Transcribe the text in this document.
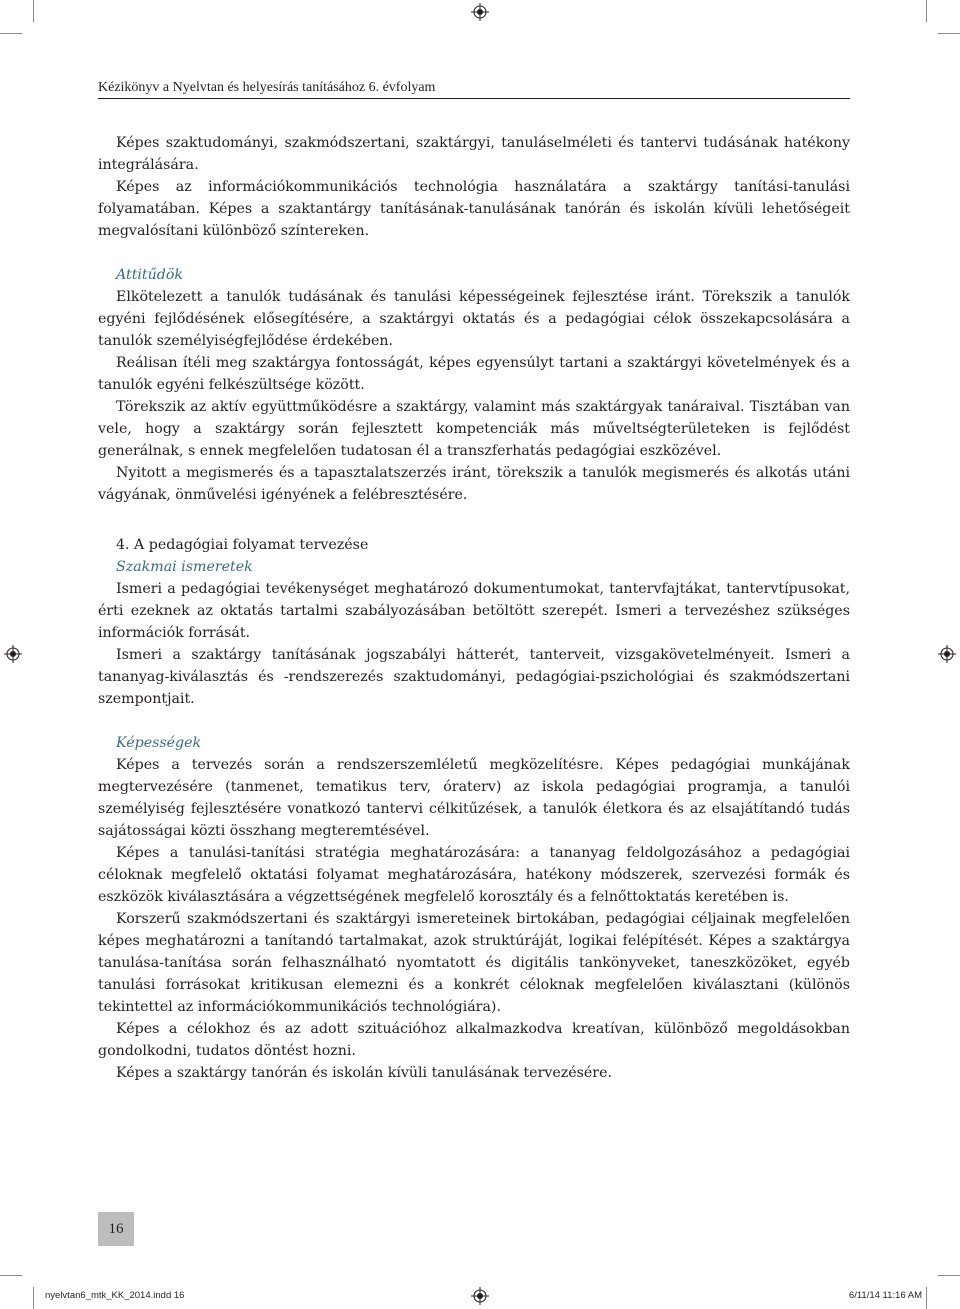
Kézikönyv a Nyelvtan és helyesírás tanításához 6. évfolyam

Képes szaktudományi, szakmódszertani, szaktárgyi, tanuláselméleti és tantervi tudásának hatékony integrálására.

Képes az információkommunikációs technológia használatára a szaktárgy tanítási-tanulási folyamatában. Képes a szaktantárgy tanításának-tanulásának tanórán és iskolán kívüli lehetőségeit megvalósítani különböző színtereken.

Attitűdök

Elkötelezett a tanulók tudásának és tanulási képességeinek fejlesztése iránt. Törekszik a tanulók egyéni fejlődésének elősegítésére, a szaktárgyi oktatás és a pedagógiai célok összekapcsolására a tanulók személyiségfejlődése érdekében.

Reálisan ítéli meg szaktárgya fontosságát, képes egyensúlyt tartani a szaktárgyi követelmények és a tanulók egyéni felkészültsége között.

Törekszik az aktív együttműködésre a szaktárgy, valamint más szaktárgyak tanáraival. Tisztában van vele, hogy a szaktárgy során fejlesztett kompetenciák más műveltségterületeken is fejlődést generálnak, s ennek megfelelően tudatosan él a transzferhatás pedagógiai eszközével.

Nyitott a megismerés és a tapasztalatszerzés iránt, törekszik a tanulók megismerés és alkotás utáni vágyának, önművelési igényének a felébresztésére.

4. A pedagógiai folyamat tervezése

Szakmai ismeretek

Ismeri a pedagógiai tevékenységet meghatározó dokumentumokat, tantervfajtákat, tantervtípusokat, érti ezeknek az oktatás tartalmi szabályozásában betöltött szerepét. Ismeri a tervezéshez szükséges információk forrását.

Ismeri a szaktárgy tanításának jogszabályi hátterét, tanterveit, vizsgakövetelményeit. Ismeri a tananyag-kiválasztás és -rendszerezés szaktudományi, pedagógiai-pszichológiai és szakmódszertani szempontjait.

Képességek

Képes a tervezés során a rendszerszemléletű megközelítésre. Képes pedagógiai munkájának megtervezésére (tanmenet, tematikus terv, óraterv) az iskola pedagógiai programja, a tanulói személyiség fejlesztésére vonatkozó tantervi célkitűzések, a tanulók életkora és az elsajátítandó tudás sajátosságai közti összhang megteremtésével.

Képes a tanulási-tanítási stratégia meghatározására: a tananyag feldolgozásához a pedagógiai céloknak megfelelő oktatási folyamat meghatározására, hatékony módszerek, szervezési formák és eszközök kiválasztására a végzettségének megfelelő korosztály és a felnőttoktatás keretében is.

Korszerű szakmódszertani és szaktárgyi ismereteinek birtokában, pedagógiai céljainak megfelelően képes meghatározni a tanítandó tartalmakat, azok struktúráját, logikai felépítését. Képes a szaktárgya tanulása-tanítása során felhasználható nyomtatott és digitális tankönyveket, taneszközöket, egyéb tanulási forrásokat kritikusan elemezni és a konkrét céloknak megfelelően kiválasztani (különös tekintettel az információkommunikációs technológiára).

Képes a célokhoz és az adott szituációhoz alkalmazkodva kreatívan, különböző megoldásokban gondolkodni, tudatos döntést hozni.

Képes a szaktárgy tanórán és iskolán kívüli tanulásának tervezésére.

16
nyelvtan6_mtk_KK_2014.indd 16	6/11/14 11:16 AM
